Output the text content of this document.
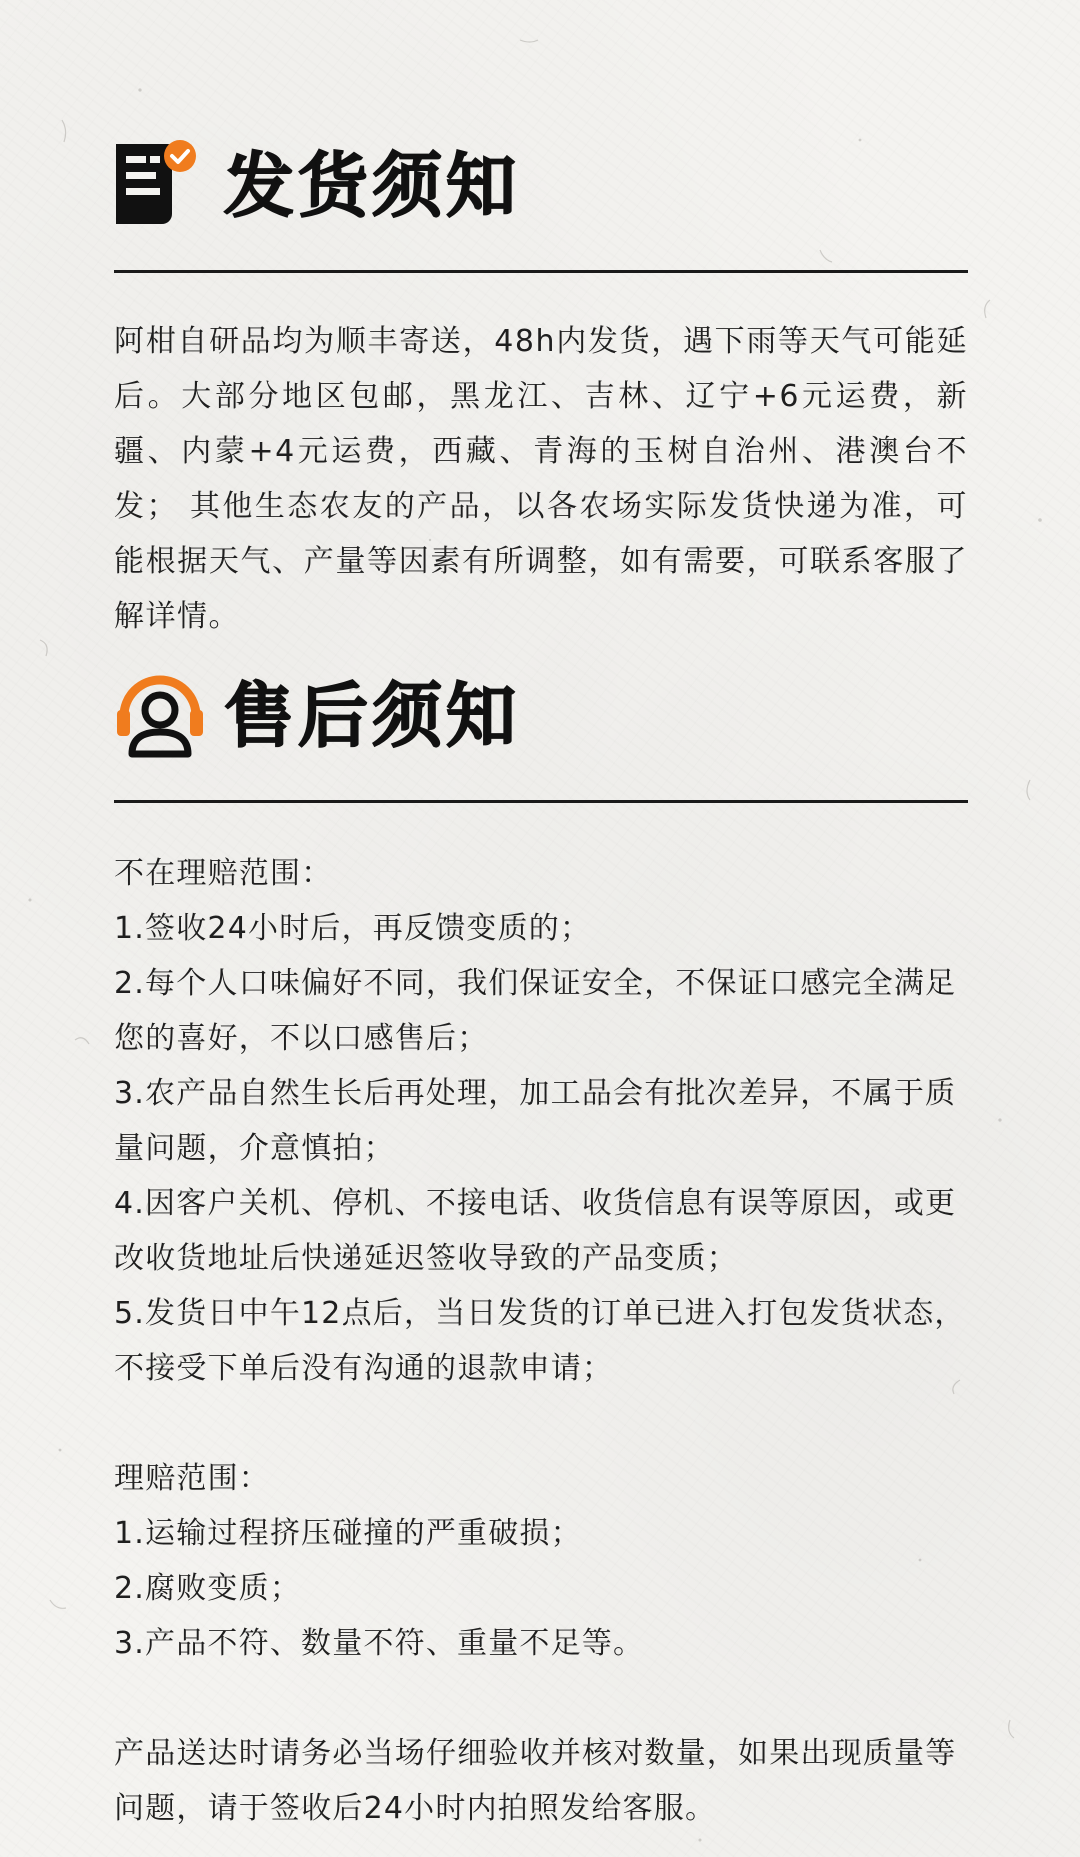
发货须知

阿柑自研品均为顺丰寄送，48h内发货，遇下雨等天气可能延后。大部分地区包邮，黑龙江、吉林、辽宁+6元运费，新疆、内蒙+4元运费，西藏、青海的玉树自治州、港澳台不发； 其他生态农友的产品，以各农场实际发货快递为准，可能根据天气、产量等因素有所调整，如有需要，可联系客服了解详情。

售后须知

不在理赔范围：

1.签收24小时后，再反馈变质的；

2.每个人口味偏好不同，我们保证安全，不保证口感完全满足您的喜好，不以口感售后；

3.农产品自然生长后再处理，加工品会有批次差异，不属于质量问题，介意慎拍；

4.因客户关机、停机、不接电话、收货信息有误等原因，或更改收货地址后快递延迟签收导致的产品变质；

5.发货日中午12点后，当日发货的订单已进入打包发货状态，不接受下单后没有沟通的退款申请；

理赔范围：

1.运输过程挤压碰撞的严重破损；

2.腐败变质；

3.产品不符、数量不符、重量不足等。

产品送达时请务必当场仔细验收并核对数量，如果出现质量等问题，请于签收后24小时内拍照发给客服。
